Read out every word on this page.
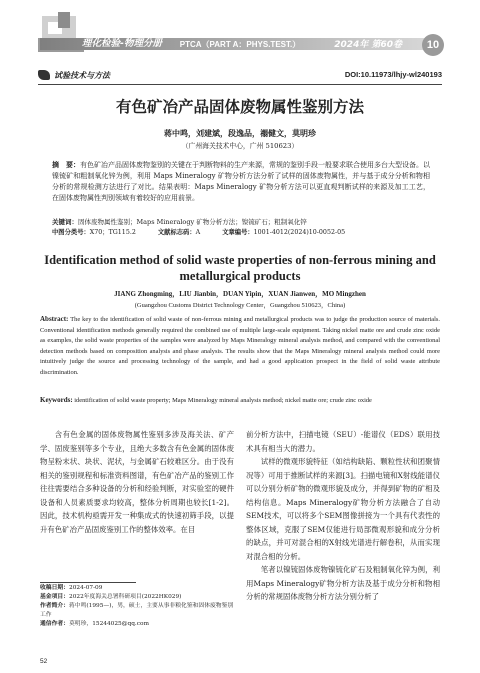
理化检验-物理分册	PTCA（PART A：PHYS.TEST.）	2024年 第60卷	10
试验技术与方法	DOI:10.11973/lhjy-wl240193
有色矿冶产品固体废物属性鉴别方法
蒋中鸣，刘建斌，段逸品，禤健文，莫明珍
（广州海关技术中心，广州 510623）
摘　要：有色矿冶产品固体废物鉴别的关键在于判断物料的生产来源，常规的鉴别手段一般要求联合使用多台大型设备。以镍锍矿和粗制氧化锌为例，利用 Maps Mineralogy 矿物分析方法分析了试样的固体废物属性，并与基于成分分析和物相分析的常规检测方法进行了对比。结果表明：Maps Mineralogy 矿物分析方法可以更直观判断试样的来源及加工工艺，在固体废物属性判别领域有着较好的应用前景。
关键词：固体废物属性鉴别；Maps Mineralogy 矿物分析方法；镍锍矿石；粗制氧化锌
中图分类号：X70；TG115.2	文献标志码：A	文章编号：1001-4012(2024)10-0052-05
Identification method of solid waste properties of non-ferrous mining and metallurgical products
JIANG Zhongming，LIU Jianbin，DUAN Yipin，XUAN Jianwen，MO Mingzhen
(Guangzhou Customs District Technology Center，Guangzhou 510623，China)
Abstract: The key to the identification of solid waste of non-ferrous mining and metallurgical products was to judge the production source of materials. Conventional identification methods generally required the combined use of multiple large-scale equipment. Taking nickel matte ore and crude zinc oxide as examples, the solid waste properties of the samples were analyzed by Maps Mineralogy mineral analysis method, and compared with the conventional detection methods based on composition analysis and phase analysis. The results show that the Maps Mineralogy mineral analysis method could more intuitively judge the source and processing technology of the sample, and had a good application prospect in the field of solid waste attribute discrimination.
Keywords: identification of solid waste property; Maps Mineralogy mineral analysis method; nickel matte ore; crude zinc oxide

含有色金属的固体废物属性鉴别多涉及海关法、矿产学、固废鉴别等多个专业，且绝大多数含有色金属的固体废物呈粉末状、块状、泥状，与金属矿石较难区分。由于没有相关的鉴别规程和标准资料图谱，有色矿冶产品的鉴别工作往往需要结合多种设备的分析和经验判断，对实验室的硬件设备和人员素质要求均较高，整体分析周期也较长[1-2]。因此，技术机构亟需开发一种集成式的快速初筛手段，以提升有色矿冶产品固废鉴别工作的整体效率。在目

前分析方法中，扫描电镜（SEU）-能谱仪（EDS）联用技术具有相当大的潜力。

试样的微观形貌特征（如结构缺陷、颗粒性状和团聚情况等）可用于推断试样的来源[3]。扫描电镜和X射线能谱仪可以分别分析矿物的微观形貌及成分，并得到矿物的矿相及结构信息。Maps Mineralogy矿物分析方法融合了自动SEM技术，可以将多个SEM图像拼接为一个具有代表性的整体区域，克服了SEM仅能进行局部微观形貌和成分分析的缺点，并可对混合相的X射线光谱进行解卷积，从而实现对混合相的分析。

笔者以镍锍固体废物镍锍化矿石及粗制氧化锌为例，利用Maps Mineralogy矿物分析方法及基于成分分析和物相分析的常规固体废物分析方法分别分析了

收稿日期：2024-07-09
基金项目：2022年度海关总署科研项目(2022HK029)
作者简介：蒋中鸣(1995—)，男，硕士，主要从事非粮化鉴和固体废物鉴别工作
通信作者：莫明珍，15244025@qq.com
52
